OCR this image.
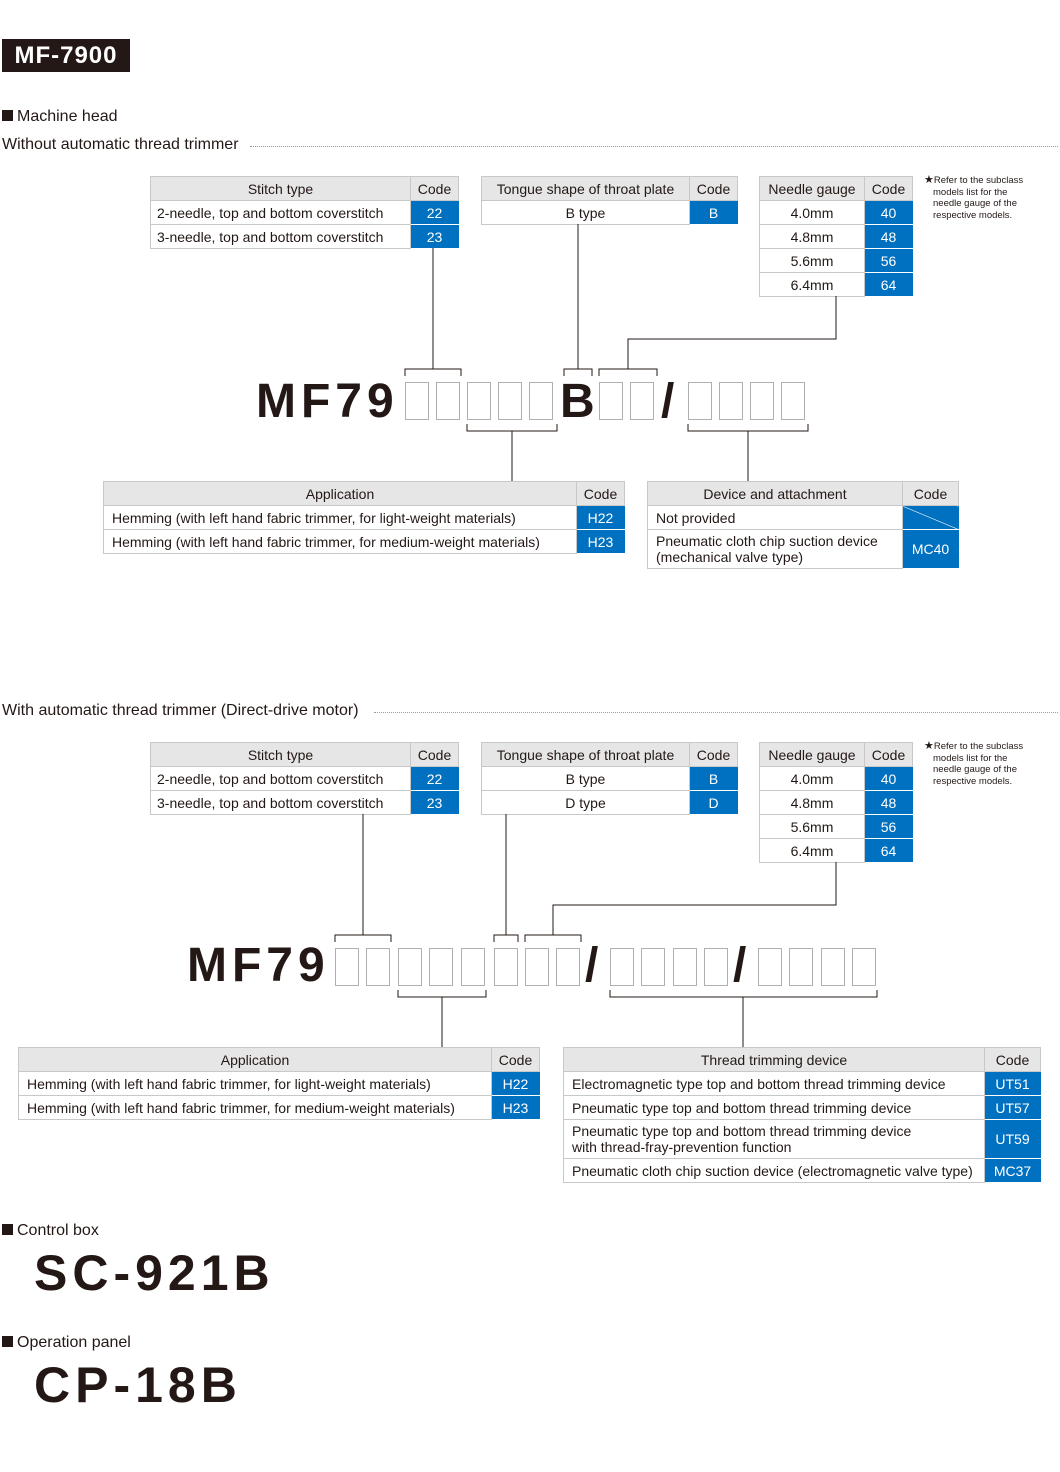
MF-7900
Machine head
Without automatic thread trimmer
Stitch type	Code
2-needle, top and bottom coverstitch	22
3-needle, top and bottom coverstitch	23
Tongue shape of throat plate	Code
B type	B
Needle gauge	Code
4.0mm	40
4.8mm	48
5.6mm	56
6.4mm	64
★Refer to the subclass
models list for the
needle gauge of the
respective models.
MF79	B /
Application	Code
Hemming (with left hand fabric trimmer, for light-weight materials)	H22
Hemming (with left hand fabric trimmer, for medium-weight materials)	H23
Device and attachment	Code
Not provided	

Pneumatic cloth chip suction device
(mechanical valve type)	MC40
With automatic thread trimmer (Direct-drive motor)
Stitch type	Code
2-needle, top and bottom coverstitch	22
3-needle, top and bottom coverstitch	23
Tongue shape of throat plate	Code
B type	B
D type	D
Needle gauge	Code
4.0mm	40
4.8mm	48
5.6mm	56
6.4mm	64
★Refer to the subclass
models list for the
needle gauge of the
respective models.
MF79	/	/
Application	Code
Hemming (with left hand fabric trimmer, for light-weight materials)	H22
Hemming (with left hand fabric trimmer, for medium-weight materials)	H23
Thread trimming device	Code
Electromagnetic type top and bottom thread trimming device	UT51
Pneumatic type top and bottom thread trimming device	UT57

Pneumatic type top and bottom thread trimming device
with thread-fray-prevention function	UT59
Pneumatic cloth chip suction device (electromagnetic valve type)	MC37
Control box
SC-921B
Operation panel
CP-18B
